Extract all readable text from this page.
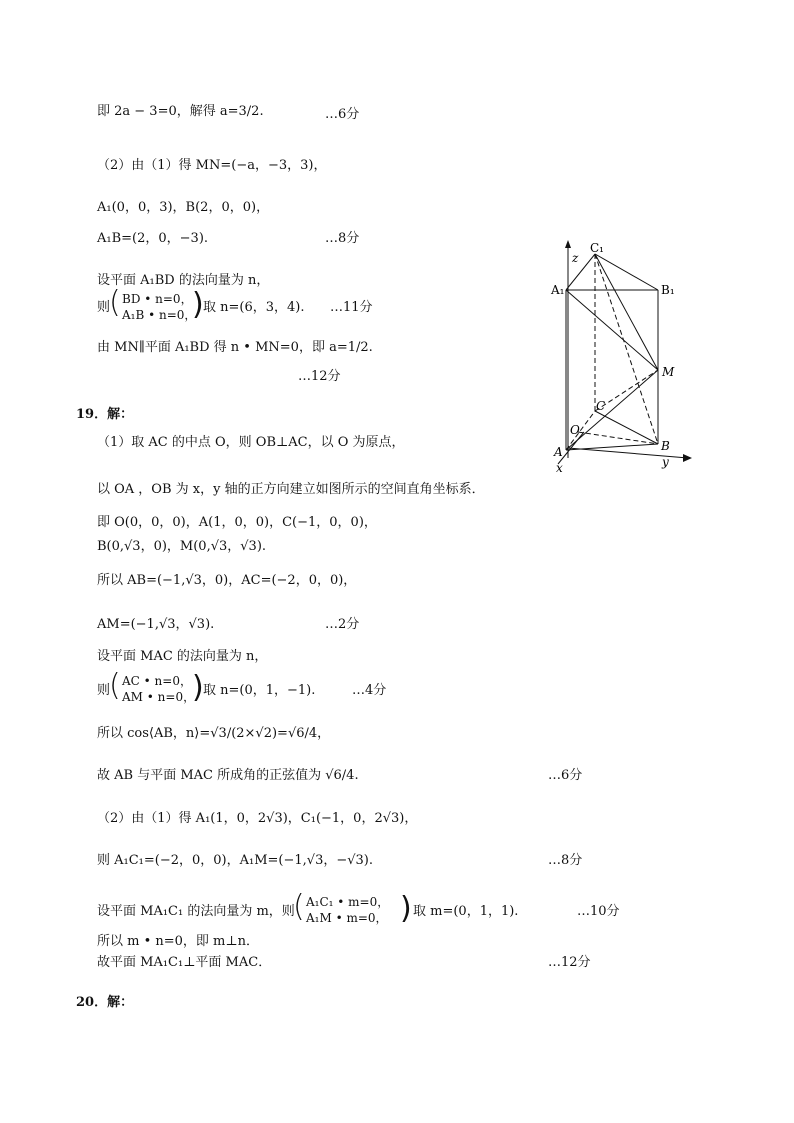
即 2a − 3=0，解得 a=3/2.	…6分
（2）由（1）得 MN=(−a，−3，3)，
A₁(0，0，3)，B(2，0，0)，
A₁B=(2，0，−3).	…8分
设平面 A₁BD 的法向量为 n，
则
( BD • n=0，
A₁B • n=0，
) 取 n=(6，3，4). …11分
由 MN∥平面 A₁BD 得 n • MN=0，即 a=1/2.
…12分
19．解：
（1）取 AC 的中点 O，则 OB⊥AC，以 O 为原点，
以 OA ，OB 为 x，y 轴的正方向建立如图所示的空间直角坐标系．
即 O(0，0，0)，A(1，0，0)，C(−1，0，0)，
B(0,√3，0)，M(0,√3，√3).
所以 AB=(−1,√3，0)，AC=(−2，0，0)，
AM=(−1,√3，√3).	…2分
设平面 MAC 的法向量为 n，
则
( AC • n=0，
AM • n=0，
) 取 n=(0，1，−1).	…4分
所以 cos⟨AB，n⟩=√3/(2×√2)=√6/4，
故 AB 与平面 MAC 所成角的正弦值为 √6/4.	…6分
（2）由（1）得 A₁(1，0，2√3)，C₁(−1，0，2√3)，
则 A₁C₁=(−2，0，0)，A₁M=(−1,√3，−√3).	…8分
设平面 MA₁C₁ 的法向量为 m，则
( A₁C₁ • m=0，
A₁M • m=0， ) 取 m=(0，1，1).	…10分
所以 m • n=0，即 m⊥n．
故平面 MA₁C₁⊥平面 MAC．	…12分
20．解：
C₁
z
A₁	B₁
M
C
O
A	B
x	y
